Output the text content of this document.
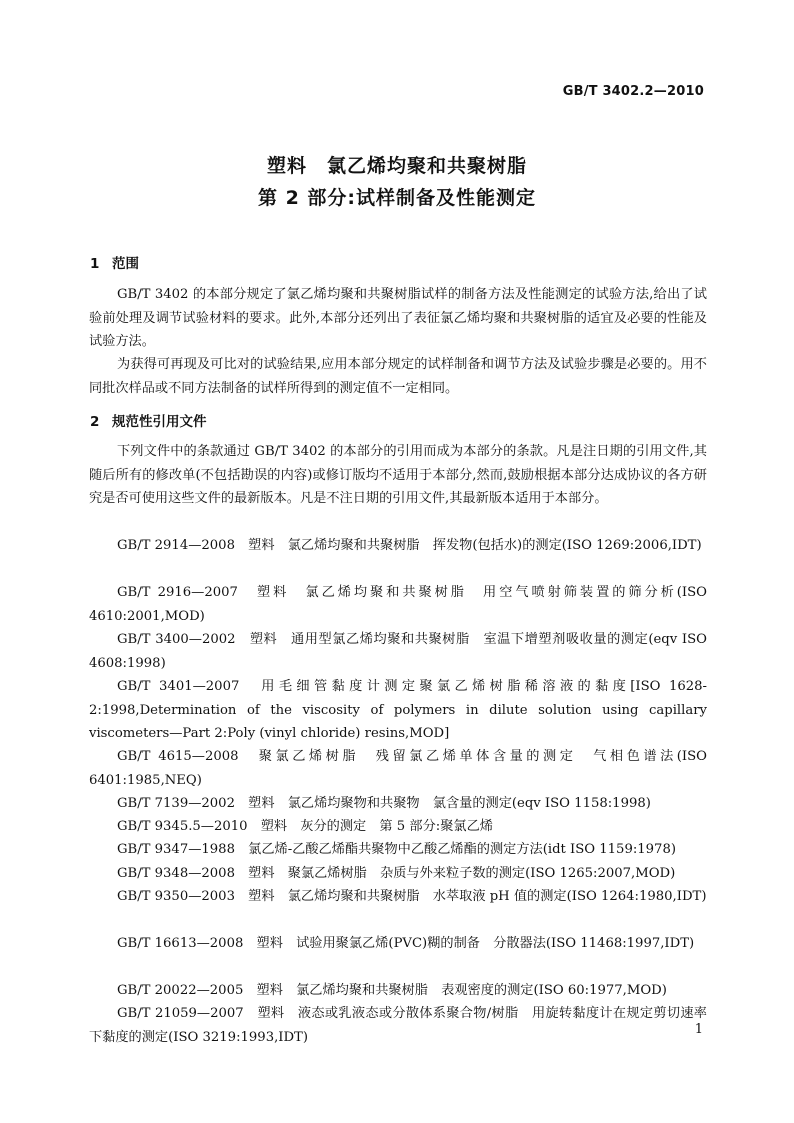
GB/T 3402.2—2010
塑料　氯乙烯均聚和共聚树脂
第 2 部分:试样制备及性能测定
1 范围

GB/T 3402 的本部分规定了氯乙烯均聚和共聚树脂试样的制备方法及性能测定的试验方法,给出了试验前处理及调节试验材料的要求。此外,本部分还列出了表征氯乙烯均聚和共聚树脂的适宜及必要的性能及试验方法。

为获得可再现及可比对的试验结果,应用本部分规定的试样制备和调节方法及试验步骤是必要的。用不同批次样品或不同方法制备的试样所得到的测定值不一定相同。

2 规范性引用文件

下列文件中的条款通过 GB/T 3402 的本部分的引用而成为本部分的条款。凡是注日期的引用文件,其随后所有的修改单(不包括勘误的内容)或修订版均不适用于本部分,然而,鼓励根据本部分达成协议的各方研究是否可使用这些文件的最新版本。凡是不注日期的引用文件,其最新版本适用于本部分。

GB/T 2914—2008　塑料　氯乙烯均聚和共聚树脂　挥发物(包括水)的测定(ISO 1269:2006,IDT)

GB/T 2916—2007　塑料　氯乙烯均聚和共聚树脂　用空气喷射筛装置的筛分析(ISO 4610:2001,MOD)

GB/T 3400—2002　塑料　通用型氯乙烯均聚和共聚树脂　室温下增塑剂吸收量的测定(eqv ISO 4608:1998)

GB/T 3401—2007　用毛细管黏度计测定聚氯乙烯树脂稀溶液的黏度[ISO 1628-2:1998,Determination of the viscosity of polymers in dilute solution using capillary viscometers—Part 2:Poly (vinyl chloride) resins,MOD]

GB/T 4615—2008　聚氯乙烯树脂　残留氯乙烯单体含量的测定　气相色谱法(ISO 6401:1985,NEQ)

GB/T 7139—2002　塑料　氯乙烯均聚物和共聚物　氯含量的测定(eqv ISO 1158:1998)

GB/T 9345.5—2010　塑料　灰分的测定　第 5 部分:聚氯乙烯

GB/T 9347—1988　氯乙烯-乙酸乙烯酯共聚物中乙酸乙烯酯的测定方法(idt ISO 1159:1978)

GB/T 9348—2008　塑料　聚氯乙烯树脂　杂质与外来粒子数的测定(ISO 1265:2007,MOD)

GB/T 9350—2003　塑料　氯乙烯均聚和共聚树脂　水萃取液 pH 值的测定(ISO 1264:1980,IDT)

GB/T 16613—2008　塑料　试验用聚氯乙烯(PVC)糊的制备　分散器法(ISO 11468:1997,IDT)

GB/T 20022—2005　塑料　氯乙烯均聚和共聚树脂　表观密度的测定(ISO 60:1977,MOD)

GB/T 21059—2007　塑料　液态或乳液态或分散体系聚合物/树脂　用旋转黏度计在规定剪切速率下黏度的测定(ISO 3219:1993,IDT)	1
